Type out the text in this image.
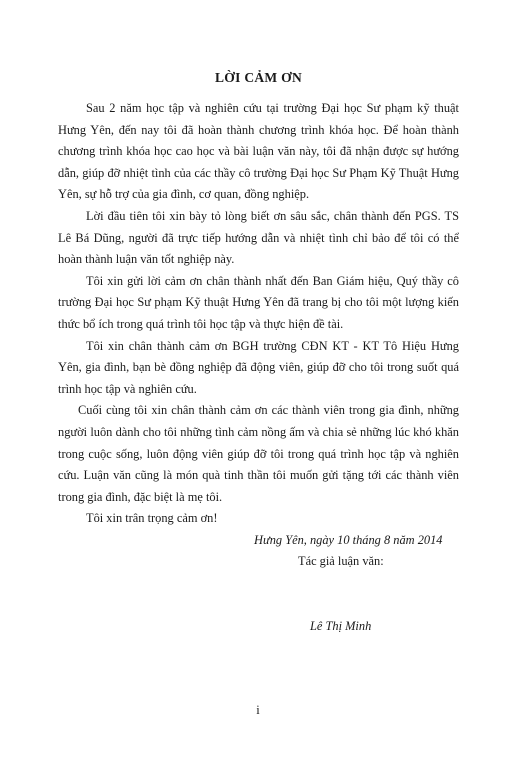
LỜI CẢM ƠN

Sau 2 năm học tập và nghiên cứu tại trường Đại học Sư phạm kỹ thuật Hưng Yên, đến nay tôi đã hoàn thành chương trình khóa học. Để hoàn thành chương trình khóa học cao học và bài luận văn này, tôi đã nhận được sự hướng dẫn, giúp đỡ nhiệt tình của các thầy cô trường Đại học Sư Phạm Kỹ Thuật Hưng Yên, sự hỗ trợ của gia đình, cơ quan, đồng nghiệp.

Lời đầu tiên tôi xin bày tỏ lòng biết ơn sâu sắc, chân thành đến PGS. TS Lê Bá Dũng, người đã trực tiếp hướng dẫn và nhiệt tình chỉ bảo để tôi có thể hoàn thành luận văn tốt nghiệp này.

Tôi xin gửi lời cảm ơn chân thành nhất đến Ban Giám hiệu, Quý thầy cô trường Đại học Sư phạm Kỹ thuật Hưng Yên đã trang bị cho tôi một lượng kiến thức bổ ích trong quá trình tôi học tập và thực hiện đề tài.

Tôi xin chân thành cảm ơn BGH trường CĐN KT - KT Tô Hiệu Hưng Yên, gia đình, bạn bè đồng nghiệp đã động viên, giúp đỡ cho tôi trong suốt quá trình học tập và nghiên cứu.

Cuối cùng tôi xin chân thành cảm ơn các thành viên trong gia đình, những người luôn dành cho tôi những tình cảm nồng ấm và chia sẻ những lúc khó khăn trong cuộc sống, luôn động viên giúp đỡ tôi trong quá trình học tập và nghiên cứu. Luận văn cũng là món quà tinh thần tôi muốn gửi tặng tới các thành viên trong gia đình, đặc biệt là mẹ tôi.

Tôi xin trân trọng cảm ơn!

Hưng Yên, ngày 10 tháng 8 năm 2014

Tác giả luận văn:

Lê Thị Minh

i
